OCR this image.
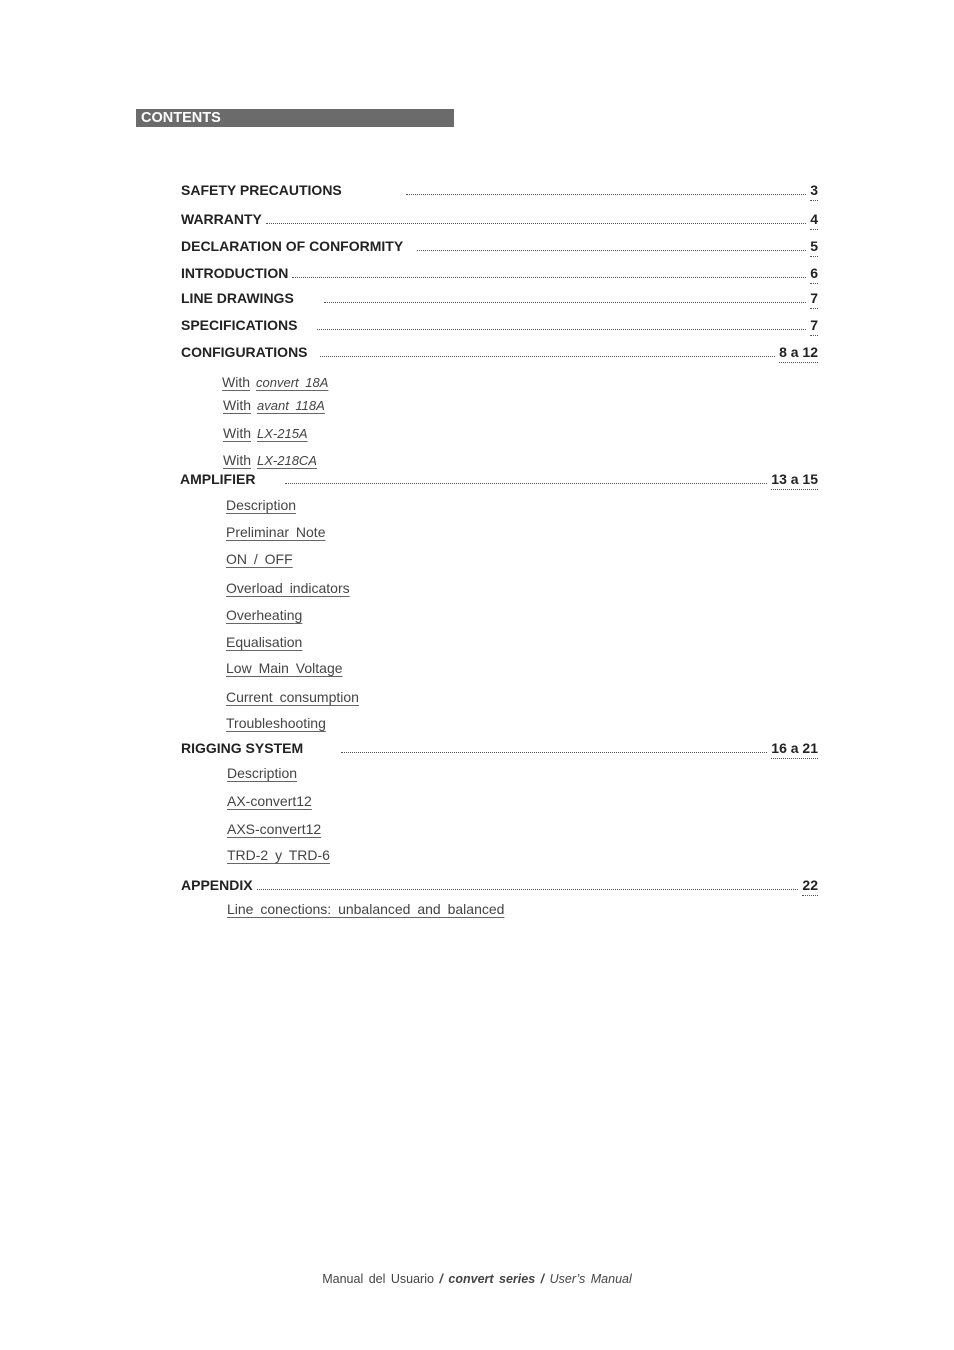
CONTENTS
SAFETY PRECAUTIONS	3
WARRANTY	4
DECLARATION OF CONFORMITY	5
INTRODUCTION	6
LINE DRAWINGS	7
SPECIFICATIONS	7
CONFIGURATIONS	8 a 12
With convert 18A
With avant 118A
With LX-215A
With LX-218CA
AMPLIFIER	13 a 15
Description
Preliminar Note
ON / OFF
Overload indicators
Overheating
Equalisation
Low Main Voltage
Current consumption
Troubleshooting
RIGGING SYSTEM	16 a 21
Description
AX-convert12
AXS-convert12
TRD-2 y TRD-6
APPENDIX	22
Line conections: unbalanced and balanced
Manual del Usuario / convert series / User’s Manual
